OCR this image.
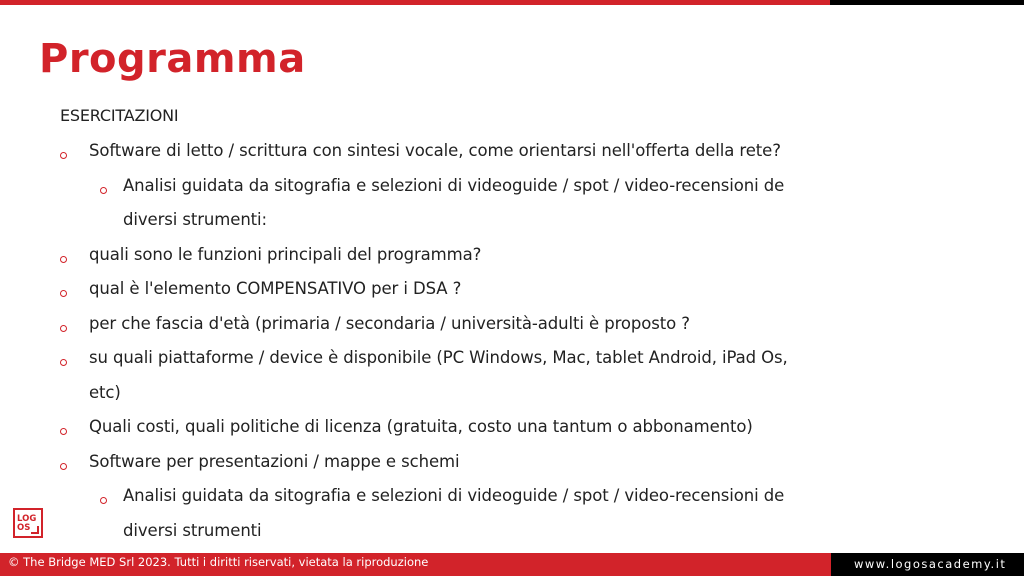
Programma
ESERCITAZIONI
Software di letto / scrittura con sintesi vocale, come orientarsi nell'offerta della rete?
Analisi guidata da sitografia e selezioni di videoguide / spot / video-recensioni de
diversi strumenti:
quali sono le funzioni principali del programma?
qual è l'elemento COMPENSATIVO per i DSA ?
per che fascia d'età (primaria / secondaria / università-adulti è proposto ?
su quali piattaforme / device è disponibile (PC Windows, Mac, tablet Android, iPad Os,
etc)
Quali costi, quali politiche di licenza (gratuita, costo una tantum o abbonamento)
Software per presentazioni / mappe e schemi
Analisi guidata da sitografia e selezioni di videoguide / spot / video-recensioni de
diversi strumenti
LOG
OS
© The Bridge MED Srl 2023. Tutti i diritti riservati, vietata la riproduzione	www.logosacademy.it
